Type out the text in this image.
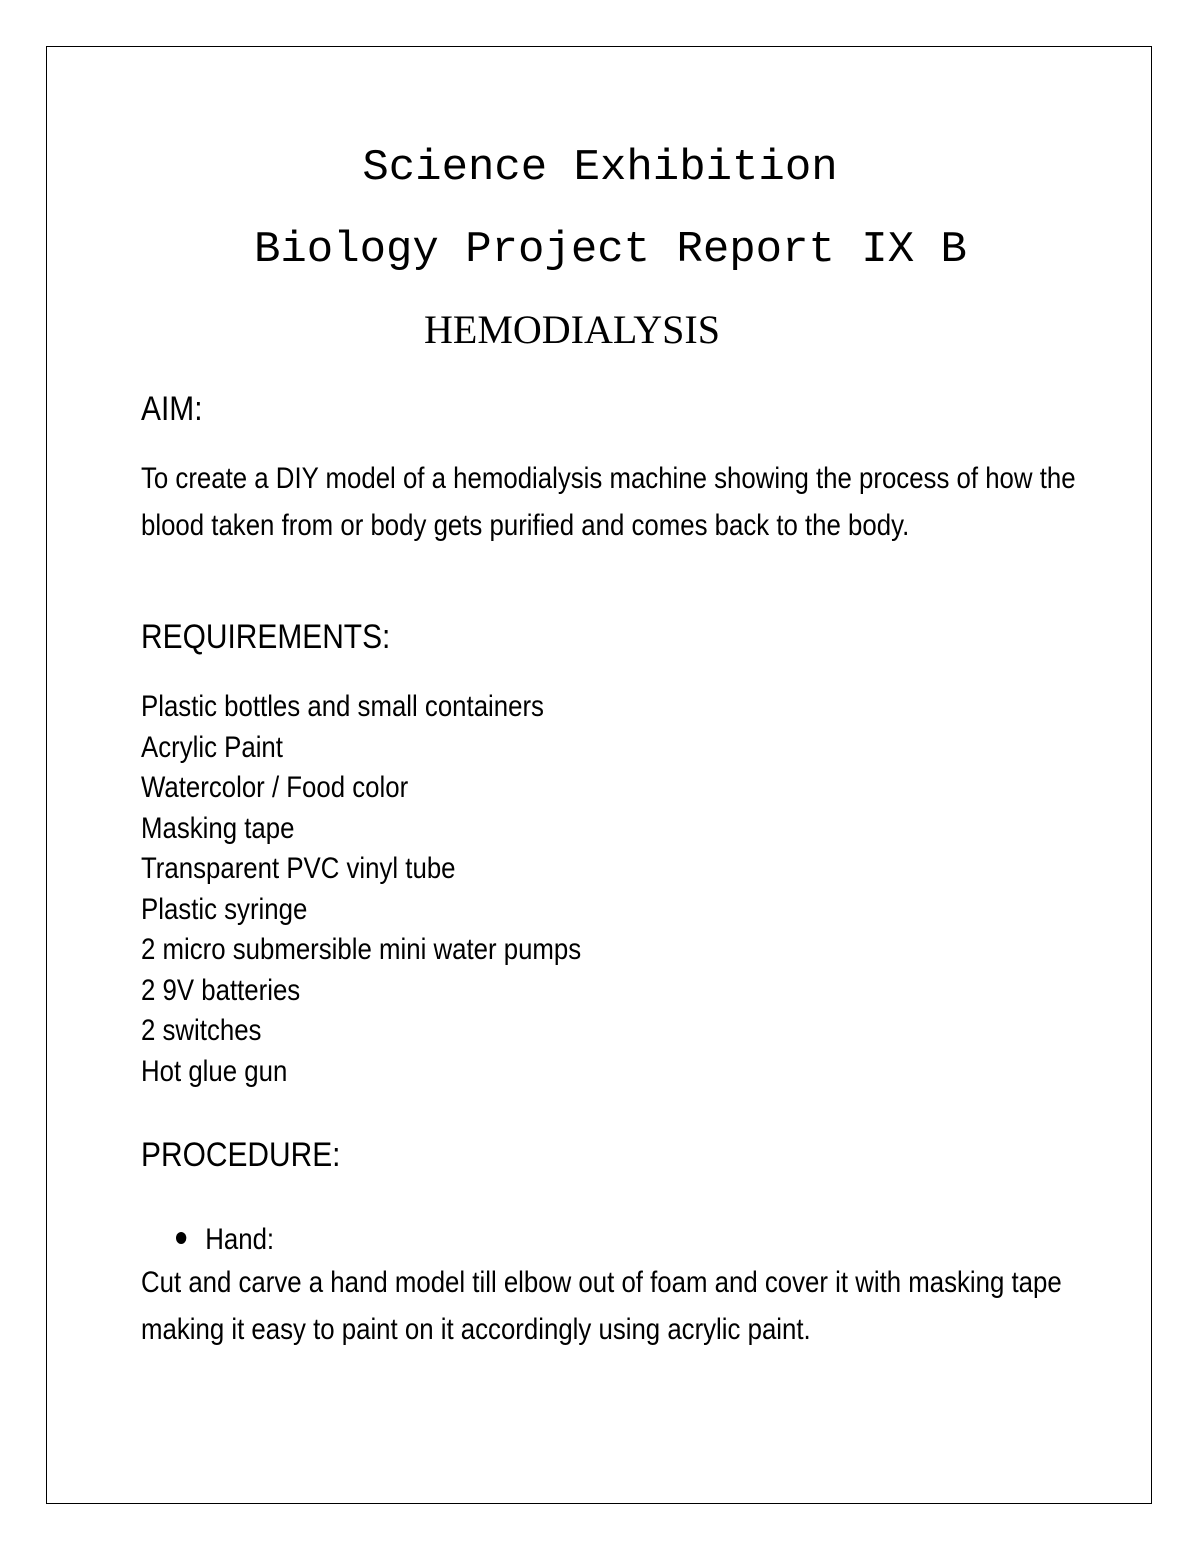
Science Exhibition
Biology Project Report IX B
HEMODIALYSIS
AIM:
To create a DIY model of a hemodialysis machine showing the process of how the blood taken from or body gets purified and comes back to the body.
REQUIREMENTS:
Plastic bottles and small containers
Acrylic Paint
Watercolor / Food color
Masking tape
Transparent PVC vinyl tube
Plastic syringe
2 micro submersible mini water pumps
2 9V batteries
2 switches
Hot glue gun
PROCEDURE:
Hand:
Cut and carve a hand model till elbow out of foam and cover it with masking tape making it easy to paint on it accordingly using acrylic paint.
